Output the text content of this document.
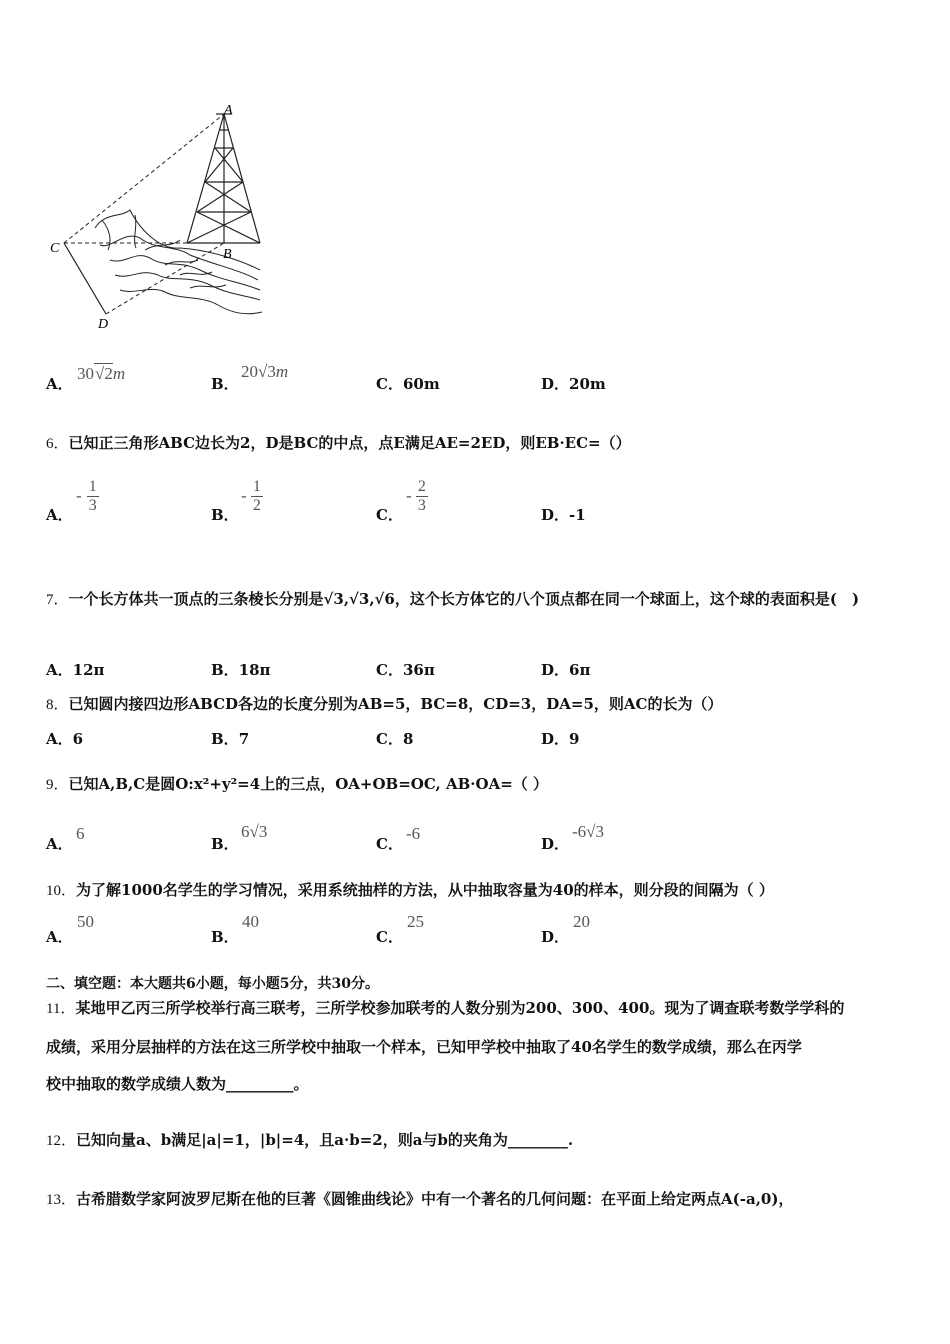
A
B
C
D
A．
30√2m
B．
20√3m
C．60m	D．20m
6．已知正三角形ABC边长为2，D是BC的中点，点E满足AE=2ED，则EB·EC=（）
A．
- $\frac{1}{3}$	B．
- $\frac{1}{2}$	C．
- $\frac{2}{3}$	D．-1
7．一个长方体共一顶点的三条棱长分别是√3,√3,√6，这个长方体它的八个顶点都在同一个球面上，这个球的表面积是(　)
A．12π	B．18π	C．36π	D．6π
8．已知圆内接四边形ABCD各边的长度分别为AB=5，BC=8，CD=3，DA=5，则AC的长为（）
A．6	B．7	C．8	D．9
9．已知A,B,C是圆O:x²+y²=4上的三点，OA+OB=OC, AB·OA=（ ）
A．
6
B．
6√3
C．
-6
D．
-6√3
10．为了解1000名学生的学习情况，采用系统抽样的方法，从中抽取容量为40的样本，则分段的间隔为（ ）
A．
50
B．
40
C．
25
D．
20
二、填空题：本大题共6小题，每小题5分，共30分。
11．某地甲乙丙三所学校举行高三联考，三所学校参加联考的人数分别为200、300、400。现为了调查联考数学学科的
成绩，采用分层抽样的方法在这三所学校中抽取一个样本，已知甲学校中抽取了40名学生的数学成绩，那么在丙学
校中抽取的数学成绩人数为_________。
12．已知向量a、b满足|a|=1，|b|=4，且a·b=2，则a与b的夹角为________.
13．古希腊数学家阿波罗尼斯在他的巨著《圆锥曲线论》中有一个著名的几何问题：在平面上给定两点A(-a,0)，
